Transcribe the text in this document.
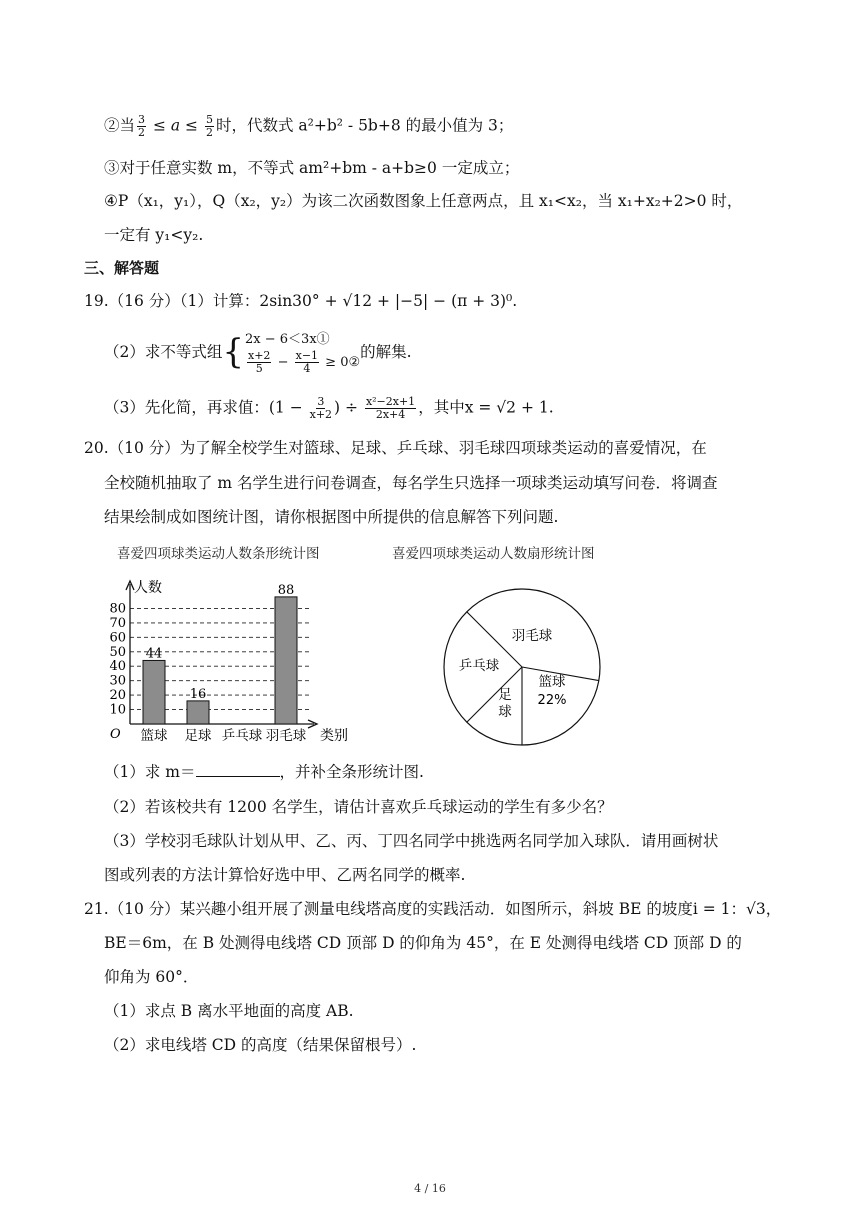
②当 $\frac{3}{2} \le a \le \frac{5}{2}$ 时，代数式 a²+b² - 5b+8 的最小值为 3；
③对于任意实数 m，不等式 am²+bm - a+b≥0 一定成立；
④P（x₁，y₁），Q（x₂，y₂）为该二次函数图象上任意两点，且 x₁<x₂，当 x₁+x₂+2>0 时，
一定有 y₁<y₂.
三、解答题
19.（16 分）（1）计算：2sin30° + √12 + |−5| − (π + 3)⁰.
（2）求不等式组{ 2x − 6＜3x①
$\frac{x+2}{5} - \frac{x-1}{4}$ ≥ 0②
的解集.
（3）先化简，再求值：($1 - \frac{3}{x+2}$ ) ÷ $\frac{\text{x²−2x+1}}{2x+4}$ ，其中x = √2 + 1.
20.（10 分）为了解全校学生对篮球、足球、乒乓球、羽毛球四项球类运动的喜爱情况，在
全校随机抽取了 m 名学生进行问卷调查，每名学生只选择一项球类运动填写问卷．将调查
结果绘制成如图统计图，请你根据图中所提供的信息解答下列问题.
喜爱四项球类运动人数条形统计图	喜爱四项球类运动人数扇形统计图
10
20
30
40
50
60
70
80
人数
类别
O
44
篮球
16
足球 乒乓球
88
羽毛球
羽毛球
篮球
22%
足
球
乒乓球
（1）求 m＝	，并补全条形统计图.
（2）若该校共有 1200 名学生，请估计喜欢乒乓球运动的学生有多少名？
（3）学校羽毛球队计划从甲、乙、丙、丁四名同学中挑选两名同学加入球队．请用画树状
图或列表的方法计算恰好选中甲、乙两名同学的概率.
21.（10 分）某兴趣小组开展了测量电线塔高度的实践活动．如图所示，斜坡 BE 的坡度i = 1：√3，
BE＝6m，在 B 处测得电线塔 CD 顶部 D 的仰角为 45°，在 E 处测得电线塔 CD 顶部 D 的
仰角为 60°．
（1）求点 B 离水平地面的高度 AB.
（2）求电线塔 CD 的高度（结果保留根号）.
4 / 16
